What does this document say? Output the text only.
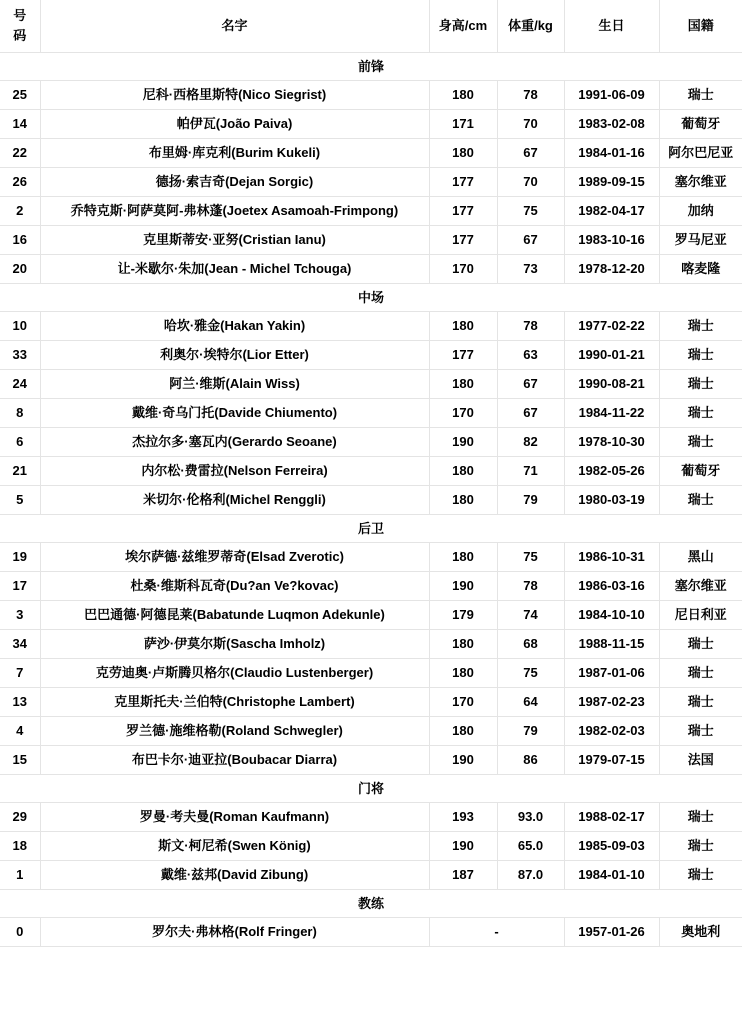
号码	名字	身高/cm	体重/kg	生日	国籍
前锋					
25	尼科·西格里斯特(Nico Siegrist)	180	78	1991-06-09	瑞士
14	帕伊瓦(João Paiva)	171	70	1983-02-08	葡萄牙
22	布里姆·库克利(Burim Kukeli)	180	67	1984-01-16	阿尔巴尼亚
26	德扬·索吉奇(Dejan Sorgic)	177	70	1989-09-15	塞尔维亚
2	乔特克斯·阿萨莫阿-弗林蓬(Joetex Asamoah-Frimpong)	177	75	1982-04-17	加纳
16	克里斯蒂安·亚努(Cristian Ianu)	177	67	1983-10-16	罗马尼亚
20	让-米歇尔·朱加(Jean - Michel Tchouga)	170	73	1978-12-20	喀麦隆
中场					
10	哈坎·雅金(Hakan Yakin)	180	78	1977-02-22	瑞士
33	利奥尔·埃特尔(Lior Etter)	177	63	1990-01-21	瑞士
24	阿兰·维斯(Alain Wiss)	180	67	1990-08-21	瑞士
8	戴维·奇乌门托(Davide Chiumento)	170	67	1984-11-22	瑞士
6	杰拉尔多·塞瓦内(Gerardo Seoane)	190	82	1978-10-30	瑞士
21	内尔松·费雷拉(Nelson Ferreira)	180	71	1982-05-26	葡萄牙
5	米切尔·伦格利(Michel Renggli)	180	79	1980-03-19	瑞士
后卫					
19	埃尔萨德·兹维罗蒂奇(Elsad Zverotic)	180	75	1986-10-31	黑山
17	杜桑·维斯科瓦奇(Du?an Ve?kovac)	190	78	1986-03-16	塞尔维亚
3	巴巴通德·阿德昆莱(Babatunde Luqmon Adekunle)	179	74	1984-10-10	尼日利亚
34	萨沙·伊莫尔斯(Sascha Imholz)	180	68	1988-11-15	瑞士
7	克劳迪奥·卢斯腾贝格尔(Claudio Lustenberger)	180	75	1987-01-06	瑞士
13	克里斯托夫·兰伯特(Christophe Lambert)	170	64	1987-02-23	瑞士
4	罗兰德·施维格勒(Roland Schwegler)	180	79	1982-02-03	瑞士
15	布巴卡尔·迪亚拉(Boubacar Diarra)	190	86	1979-07-15	法国
门将					
29	罗曼·考夫曼(Roman Kaufmann)	193	93.0	1988-02-17	瑞士
18	斯文·柯尼希(Swen König)	190	65.0	1985-09-03	瑞士
1	戴维·兹邦(David Zibung)	187	87.0	1984-01-10	瑞士
教练					
0	罗尔夫·弗林格(Rolf Fringer)	-		1957-01-26	奥地利
